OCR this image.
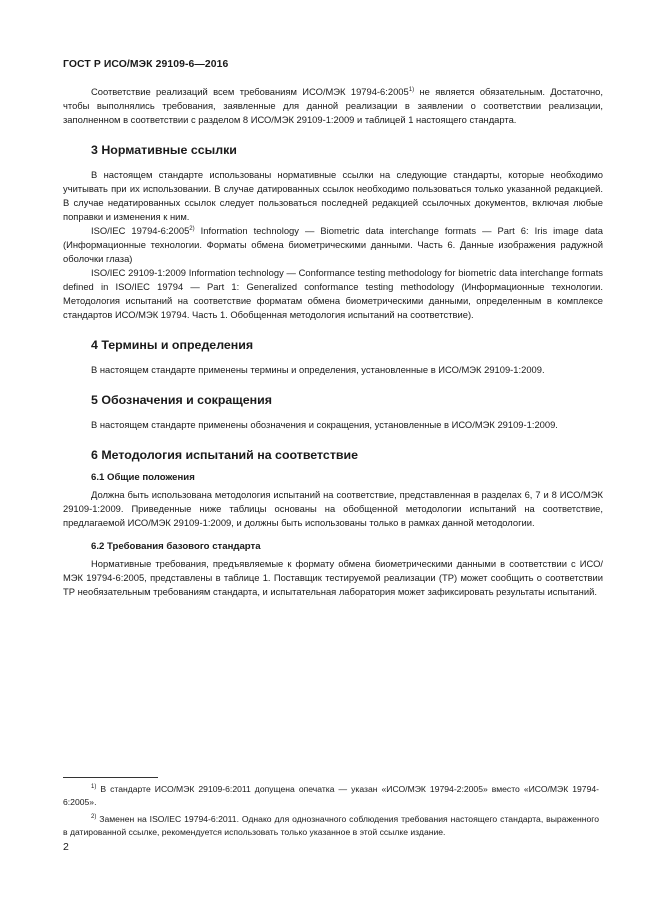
ГОСТ Р ИСО/МЭК 29109-6—2016

Соответствие реализаций всем требованиям ИСО/МЭК 19794-6:2005$^{1)}$ не является обязательным. Достаточно, чтобы выполнялись требования, заявленные для данной реализации в заявлении о соответствии реализации, заполненном в соответствии с разделом 8 ИСО/МЭК 29109-1:2009 и таблицей 1 настоящего стандарта.

3 Нормативные ссылки

В настоящем стандарте использованы нормативные ссылки на следующие стандарты, которые необходимо учитывать при их использовании. В случае датированных ссылок необходимо пользоваться только указанной редакцией. В случае недатированных ссылок следует пользоваться последней редакцией ссылочных документов, включая любые поправки и изменения к ним.

ISO/IEC 19794-6:2005$^{2)}$ Information technology — Biometric data interchange formats — Part 6: Iris image data (Информационные технологии. Форматы обмена биометрическими данными. Часть 6. Данные изображения радужной оболочки глаза)

ISO/IEC 29109-1:2009 Information technology — Conformance testing methodology for biometric data interchange formats defined in ISO/IEC 19794 — Part 1: Generalized conformance testing methodology (Информационные технологии. Методология испытаний на соответствие форматам обмена биометрическими данными, определенным в комплексе стандартов ИСО/МЭК 19794. Часть 1. Обобщенная методология испытаний на соответствие).

4 Термины и определения

В настоящем стандарте применены термины и определения, установленные в ИСО/МЭК 29109-1:2009.

5 Обозначения и сокращения

В настоящем стандарте применены обозначения и сокращения, установленные в ИСО/МЭК 29109-1:2009.

6 Методология испытаний на соответствие
6.1 Общие положения

Должна быть использована методология испытаний на соответствие, представленная в разделах 6, 7 и 8 ИСО/МЭК 29109-1:2009. Приведенные ниже таблицы основаны на обобщенной методологии испытаний на соответствие, предлагаемой ИСО/МЭК 29109-1:2009, и должны быть использованы только в рамках данной методологии.

6.2 Требования базового стандарта

Нормативные требования, предъявляемые к формату обмена биометрическими данными в соответствии с ИСО/МЭК 19794-6:2005, представлены в таблице 1. Поставщик тестируемой реализации (ТР) может сообщить о соответствии ТР необязательным требованиям стандарта, и испытательная лаборатория может зафиксировать результаты испытаний.

$^{1)}$ В стандарте ИСО/МЭК 29109-6:2011 допущена опечатка — указан «ИСО/МЭК 19794-2:2005» вместо «ИСО/МЭК 19794-6:2005».

$^{2)}$ Заменен на ISO/IEC 19794-6:2011. Однако для однозначного соблюдения требования настоящего стандарта, выраженного в датированной ссылке, рекомендуется использовать только указанное в этой ссылке издание.

2
